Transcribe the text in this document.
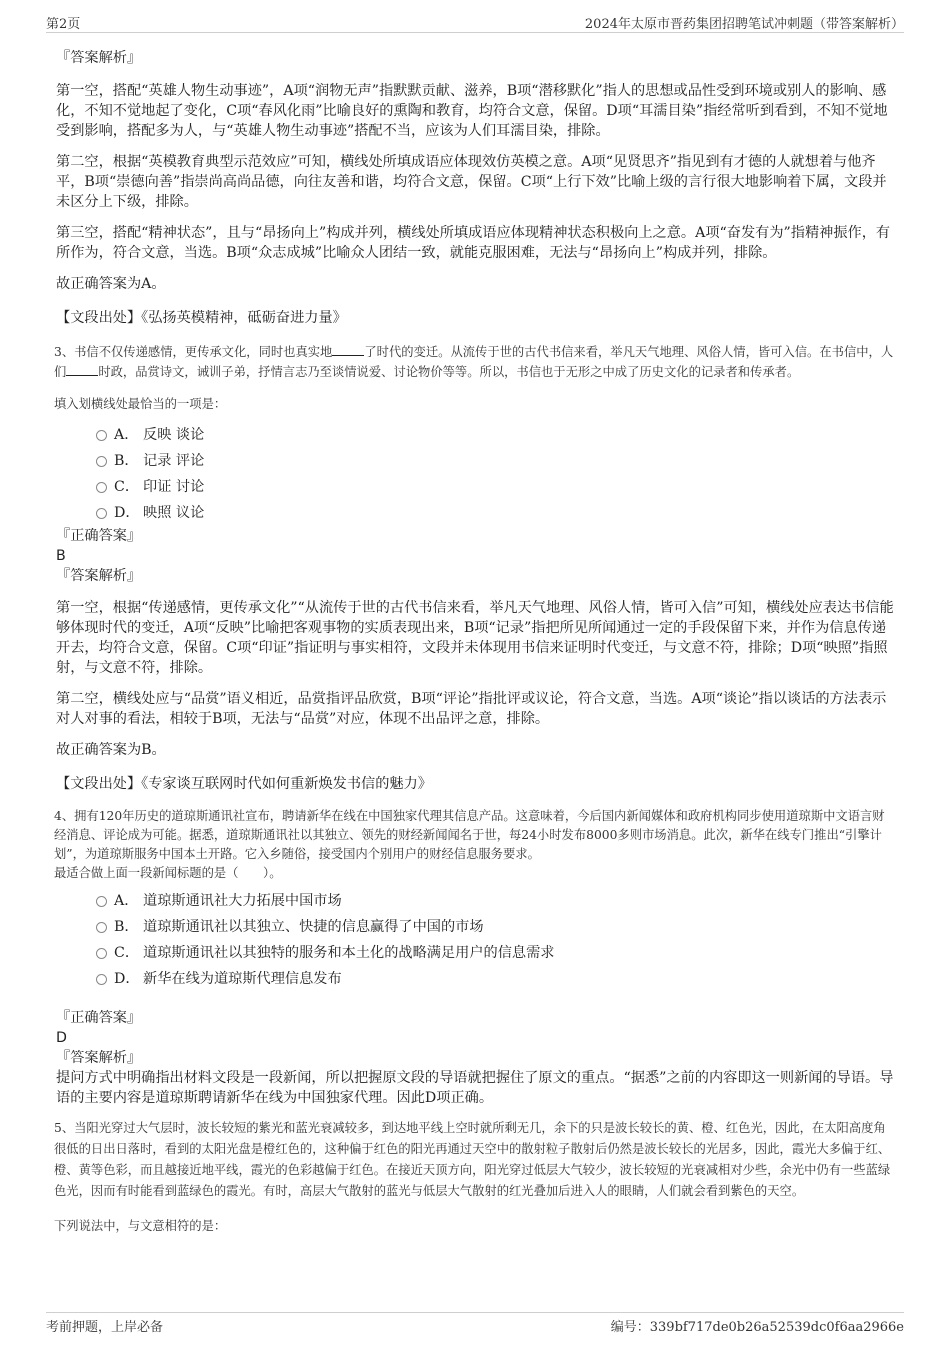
第2页	2024年太原市晋药集团招聘笔试冲刺题（带答案解析）
『答案解析』

第一空，搭配“英雄人物生动事迹”，A项“润物无声”指默默贡献、滋养，B项“潜移默化”指人的思想或品性受到环境或别人的影响、感化，不知不觉地起了变化，C项“春风化雨”比喻良好的熏陶和教育，均符合文意，保留。D项“耳濡目染”指经常听到看到，不知不觉地受到影响，搭配多为人，与“英雄人物生动事迹”搭配不当，应该为人们耳濡目染，排除。

第二空，根据“英模教育典型示范效应”可知，横线处所填成语应体现效仿英模之意。A项“见贤思齐”指见到有才德的人就想着与他齐平，B项“崇德向善”指崇尚高尚品德，向往友善和谐，均符合文意，保留。C项“上行下效”比喻上级的言行很大地影响着下属，文段并未区分上下级，排除。

第三空，搭配“精神状态”，且与“昂扬向上”构成并列，横线处所填成语应体现精神状态积极向上之意。A项“奋发有为”指精神振作，有所作为，符合文意，当选。B项“众志成城”比喻众人团结一致，就能克服困难，无法与“昂扬向上”构成并列，排除。

故正确答案为A。

【文段出处】《弘扬英模精神，砥砺奋进力量》

3、书信不仅传递感情，更传承文化，同时也真实地	了时代的变迁。从流传于世的古代书信来看，举凡天气地理、风俗人情，皆可入信。在书信中，人们	时政，品赏诗文，诫训子弟，抒情言志乃至谈情说爱、讨论物价等等。所以，书信也于无形之中成了历史文化的记录者和传承者。

填入划横线处最恰当的一项是：

A． 反映 谈论
B． 记录 评论
C． 印证 讨论
D． 映照 议论
『正确答案』
B
『答案解析』

第一空，根据“传递感情，更传承文化”“从流传于世的古代书信来看，举凡天气地理、风俗人情，皆可入信”可知，横线处应表达书信能够体现时代的变迁，A项“反映”比喻把客观事物的实质表现出来，B项“记录”指把所见所闻通过一定的手段保留下来，并作为信息传递开去，均符合文意，保留。C项“印证”指证明与事实相符，文段并未体现用书信来证明时代变迁，与文意不符，排除；D项“映照”指照射，与文意不符，排除。

第二空，横线处应与“品赏”语义相近，品赏指评品欣赏，B项“评论”指批评或议论，符合文意，当选。A项“谈论”指以谈话的方法表示对人对事的看法，相较于B项，无法与“品赏”对应，体现不出品评之意，排除。

故正确答案为B。

【文段出处】《专家谈互联网时代如何重新焕发书信的魅力》

4、拥有120年历史的道琼斯通讯社宣布，聘请新华在线在中国独家代理其信息产品。这意味着，今后国内新闻媒体和政府机构同步使用道琼斯中文语言财经消息、评论成为可能。据悉，道琼斯通讯社以其独立、领先的财经新闻闻名于世，每24小时发布8000多则市场消息。此次，新华在线专门推出“引擎计划”，为道琼斯服务中国本土开路。它入乡随俗，接受国内个别用户的财经信息服务要求。

最适合做上面一段新闻标题的是（　　）。

A． 道琼斯通讯社大力拓展中国市场
B． 道琼斯通讯社以其独立、快捷的信息赢得了中国的市场
C． 道琼斯通讯社以其独特的服务和本土化的战略满足用户的信息需求
D． 新华在线为道琼斯代理信息发布
『正确答案』
D
『答案解析』

提问方式中明确指出材料文段是一段新闻，所以把握原文段的导语就把握住了原文的重点。“据悉”之前的内容即这一则新闻的导语。导语的主要内容是道琼斯聘请新华在线为中国独家代理。因此D项正确。

5、当阳光穿过大气层时，波长较短的紫光和蓝光衰减较多，到达地平线上空时就所剩无几，余下的只是波长较长的黄、橙、红色光，因此，在太阳高度角很低的日出日落时，看到的太阳光盘是橙红色的，这种偏于红色的阳光再通过天空中的散射粒子散射后仍然是波长较长的光居多，因此，霞光大多偏于红、橙、黄等色彩，而且越接近地平线，霞光的色彩越偏于红色。在接近天顶方向，阳光穿过低层大气较少，波长较短的光衰减相对少些，余光中仍有一些蓝绿色光，因而有时能看到蓝绿色的霞光。有时，高层大气散射的蓝光与低层大气散射的红光叠加后进入人的眼睛，人们就会看到紫色的天空。

下列说法中，与文意相符的是：

考前押题，上岸必备	编号：339bf717de0b26a52539dc0f6aa2966e
